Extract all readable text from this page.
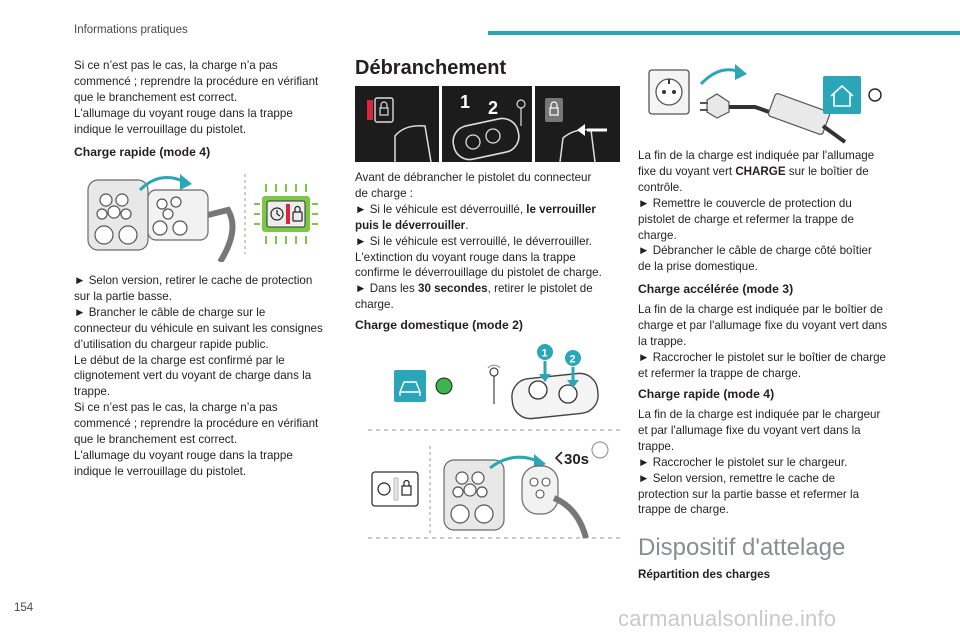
Informations pratiques
154	carmanualsonline.info
Si ce n’est pas le cas, la charge n’a pas
commencé ; reprendre la procédure en vérifiant
que le branchement est correct.
L'allumage du voyant rouge dans la trappe
indique le verrouillage du pistolet.
Charge rapide (mode 4)
► Selon version, retirer le cache de protection
sur la partie basse.
► Brancher le câble de charge sur le
connecteur du véhicule en suivant les consignes
d’utilisation du chargeur rapide public.
Le début de la charge est confirmé par le
clignotement vert du voyant de charge dans la
trappe.
Si ce n’est pas le cas, la charge n’a pas
commencé ; reprendre la procédure en vérifiant
que le branchement est correct.
L'allumage du voyant rouge dans la trappe
indique le verrouillage du pistolet.
Débranchement
1 2
Avant de débrancher le pistolet du connecteur
de charge :
► Si le véhicule est déverrouillé, le verrouiller
puis le déverrouiller.
► Si le véhicule est verrouillé, le déverrouiller.
L'extinction du voyant rouge dans la trappe
confirme le déverrouillage du pistolet de charge.
► Dans les 30 secondes, retirer le pistolet de
charge.
Charge domestique (mode 2)
1 2
30s
La fin de la charge est indiquée par l'allumage
fixe du voyant vert CHARGE sur le boîtier de
contrôle.
► Remettre le couvercle de protection du
pistolet de charge et refermer la trappe de
charge.
► Débrancher le câble de charge côté boîtier
de la prise domestique.
Charge accélérée (mode 3)
La fin de la charge est indiquée par le boîtier de
charge et par l'allumage fixe du voyant vert dans
la trappe.
► Raccrocher le pistolet sur le boîtier de charge
et refermer la trappe de charge.
Charge rapide (mode 4)
La fin de la charge est indiquée par le chargeur
et par l'allumage fixe du voyant vert dans la
trappe.
► Raccrocher le pistolet sur le chargeur.
► Selon version, remettre le cache de
protection sur la partie basse et refermer la
trappe de charge.
Dispositif d'attelage
Répartition des charges
